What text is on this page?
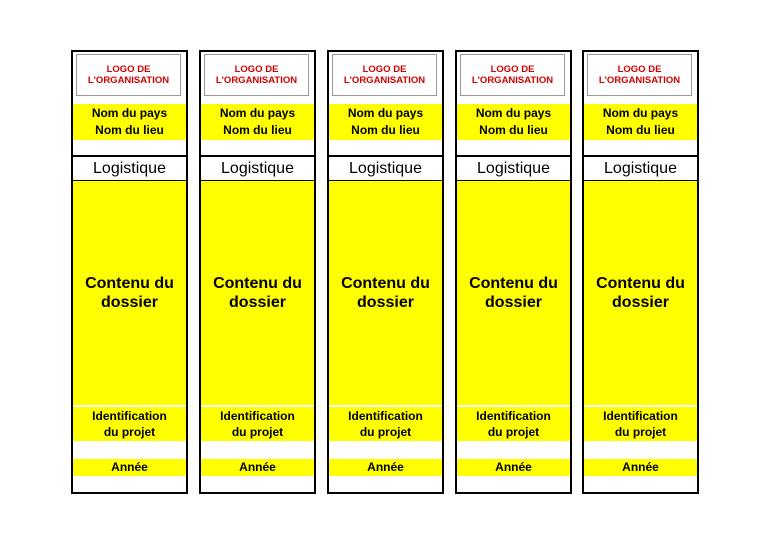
LOGO DE
L'ORGANISATION
Nom du pays
Nom du lieu
Logistique
Contenu du
dossier
Identification
du projet
Année
LOGO DE
L'ORGANISATION
Nom du pays
Nom du lieu
Logistique
Contenu du
dossier
Identification
du projet
Année
LOGO DE
L'ORGANISATION
Nom du pays
Nom du lieu
Logistique
Contenu du
dossier
Identification
du projet
Année
LOGO DE
L'ORGANISATION
Nom du pays
Nom du lieu
Logistique
Contenu du
dossier
Identification
du projet
Année
LOGO DE
L'ORGANISATION
Nom du pays
Nom du lieu
Logistique
Contenu du
dossier
Identification
du projet
Année
